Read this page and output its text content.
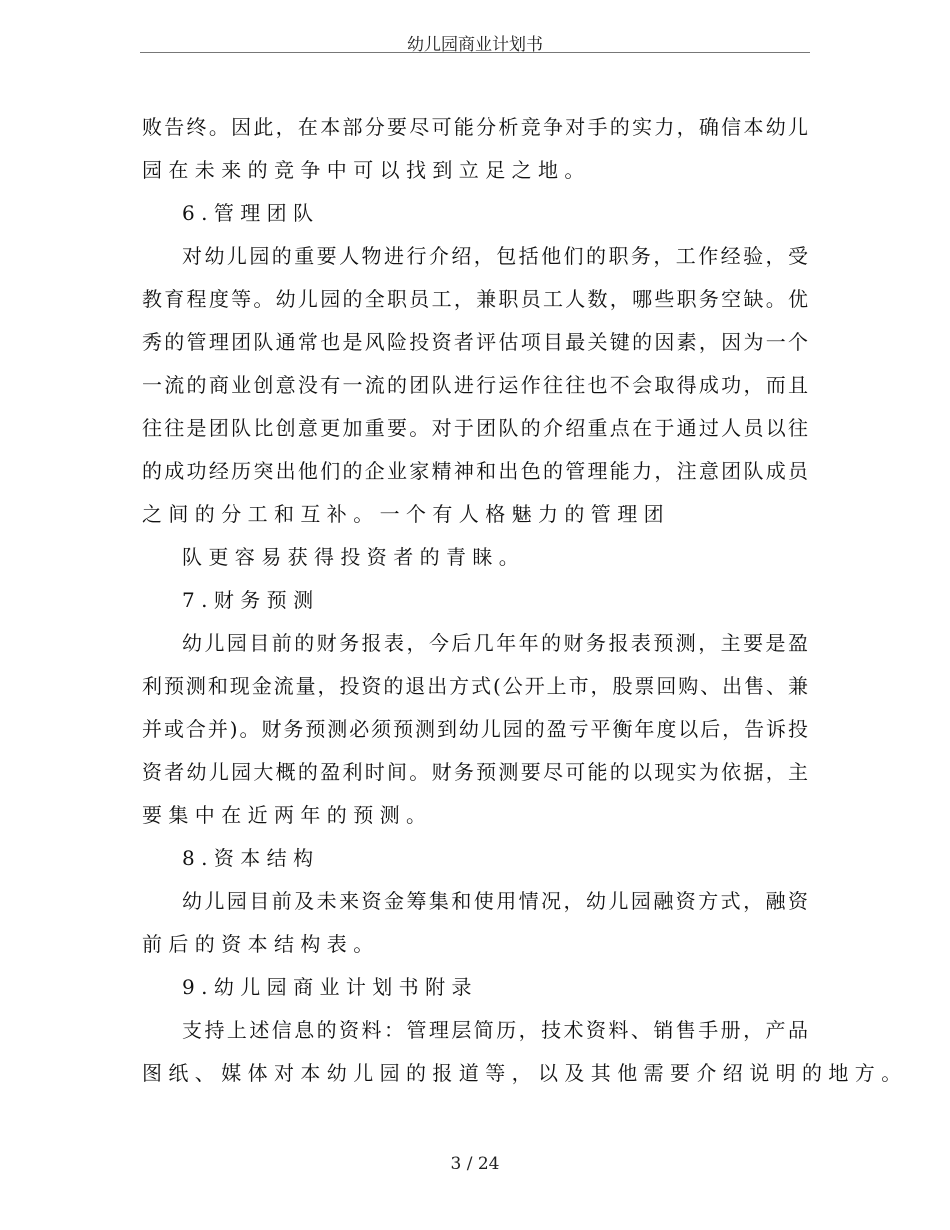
幼儿园商业计划书
败告终。因此，在本部分要尽可能分析竞争对手的实力，确信本幼儿
园在未来的竞争中可以找到立足之地。
6.管理团队
对幼儿园的重要人物进行介绍，包括他们的职务，工作经验，受
教育程度等。幼儿园的全职员工，兼职员工人数，哪些职务空缺。优
秀的管理团队通常也是风险投资者评估项目最关键的因素，因为一个
一流的商业创意没有一流的团队进行运作往往也不会取得成功，而且
往往是团队比创意更加重要。对于团队的介绍重点在于通过人员以往
的成功经历突出他们的企业家精神和出色的管理能力，注意团队成员
之间的分工和互补。一个有人格魅力的管理团
队更容易获得投资者的青睐。
7.财务预测
幼儿园目前的财务报表，今后几年年的财务报表预测，主要是盈
利预测和现金流量，投资的退出方式(公开上市，股票回购、出售、兼
并或合并)。财务预测必须预测到幼儿园的盈亏平衡年度以后，告诉投
资者幼儿园大概的盈利时间。财务预测要尽可能的以现实为依据，主
要集中在近两年的预测。
8.资本结构
幼儿园目前及未来资金筹集和使用情况，幼儿园融资方式，融资
前后的资本结构表。
9.幼儿园商业计划书附录
支持上述信息的资料：管理层简历，技术资料、销售手册，产品
图纸、媒体对本幼儿园的报道等，以及其他需要介绍说明的地方。
3 / 24
